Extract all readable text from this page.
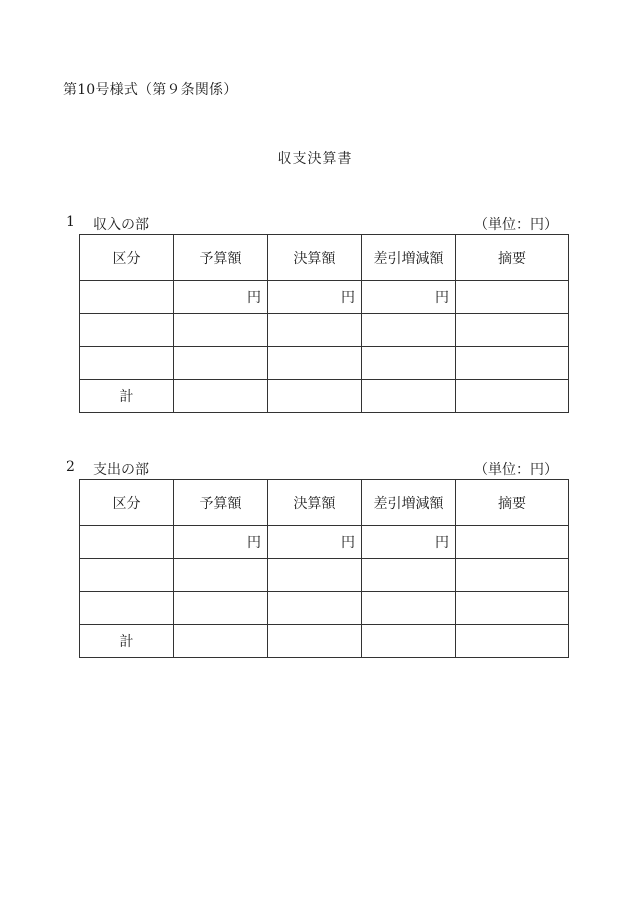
第10号様式（第９条関係）
収支決算書
1 収入の部	（単位：円）
区分	予算額	決算額	差引増減額	摘要
	円	円	円	

計				
2 支出の部	（単位：円）
区分	予算額	決算額	差引増減額	摘要
	円	円	円	

計				
